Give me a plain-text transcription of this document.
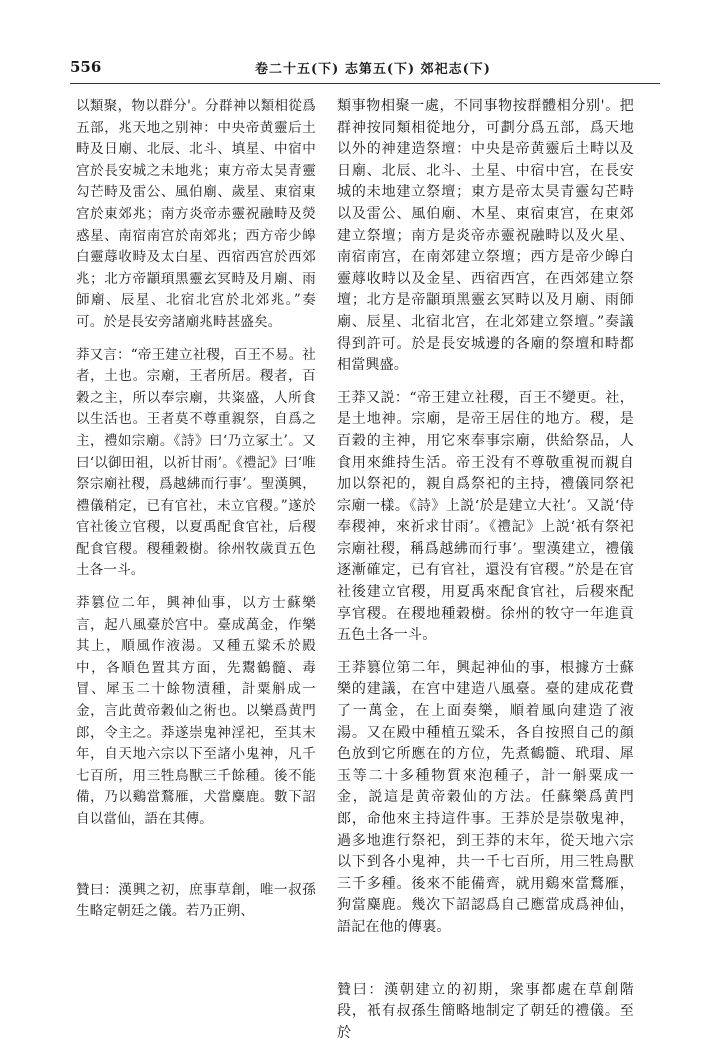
556	卷二十五(下) 志第五(下) 郊祀志(下)

以類聚，物以群分'。分群神以類相從爲五部，兆天地之别神：中央帝黄靈后土畤及日廟、北辰、北斗、填星、中宿中宫於長安城之未地兆；東方帝太昊青靈勾芒畤及雷公、風伯廟、歲星、東宿東宫於東郊兆；南方炎帝赤靈祝融畤及熒惑星、南宿南宫於南郊兆；西方帝少皞白靈蓐收畤及太白星、西宿西宫於西郊兆；北方帝顓頊黑靈玄冥畤及月廟、雨師廟、辰星、北宿北宫於北郊兆。”奏可。於是長安旁諸廟兆畤甚盛矣。

莽又言：“帝王建立社稷，百王不易。社者，土也。宗廟，王者所居。稷者，百穀之主，所以奉宗廟，共粢盛，人所食以生活也。王者莫不尊重親祭，自爲之主，禮如宗廟。《詩》曰‘乃立冢土’。又曰‘以御田祖，以祈甘雨’。《禮記》曰‘唯祭宗廟社稷，爲越紼而行事’。聖漢興，禮儀稍定，已有官社，未立官稷。”遂於官社後立官稷，以夏禹配食官社，后稷配食官稷。稷種穀樹。徐州牧歲貢五色土各一斗。

莽篡位二年，興神仙事，以方士蘇樂言，起八風臺於宫中。臺成萬金，作樂其上，順風作液湯。又種五粱禾於殿中，各順色置其方面，先鬻鶴髓、毒冒、犀玉二十餘物漬種，計粟斛成一金，言此黄帝穀仙之術也。以樂爲黄門郎，令主之。莽遂崇鬼神淫祀，至其末年，自天地六宗以下至諸小鬼神，凡千七百所，用三牲鳥獸三千餘種。後不能備，乃以鷄當鶩雁，犬當麋鹿。數下詔自以當仙，語在其傳。

贊曰：漢興之初，庶事草創，唯一叔孫生略定朝廷之儀。若乃正朔、

類事物相聚一處，不同事物按群體相分别'。把群神按同類相從地分，可劃分爲五部，爲天地以外的神建造祭壇：中央是帝黄靈后土畤以及日廟、北辰、北斗、土星、中宿中宫，在長安城的未地建立祭壇；東方是帝太昊青靈勾芒畤以及雷公、風伯廟、木星、東宿東宫，在東郊建立祭壇；南方是炎帝赤靈祝融畤以及火星、南宿南宫，在南郊建立祭壇；西方是帝少皞白靈蓐收畤以及金星、西宿西宫，在西郊建立祭壇；北方是帝顓頊黑靈玄冥畤以及月廟、雨師廟、辰星、北宿北宫，在北郊建立祭壇。”奏議得到許可。於是長安城邊的各廟的祭壇和畤都相當興盛。

王莽又説：“帝王建立社稷，百王不變更。社，是土地神。宗廟，是帝王居住的地方。稷，是百穀的主神，用它來奉事宗廟，供給祭品，人食用來維持生活。帝王没有不尊敬重視而親自加以祭祀的，親自爲祭祀的主持，禮儀同祭祀宗廟一樣。《詩》上説‘於是建立大社’。又説‘侍奉稷神，來祈求甘雨’。《禮記》上説‘祇有祭祀宗廟社稷，稱爲越紼而行事’。聖漢建立，禮儀逐漸確定，已有官社，還没有官稷。”於是在官社後建立官稷，用夏禹來配食官社，后稷來配享官稷。在稷地種穀樹。徐州的牧守一年進貢五色土各一斗。

王莽篡位第二年，興起神仙的事，根據方士蘇樂的建議，在宫中建造八風臺。臺的建成花費了一萬金，在上面奏樂，順着風向建造了液湯。又在殿中種植五粱禾，各自按照自己的顔色放到它所應在的方位，先煮鶴髓、玳瑁、犀玉等二十多種物質來泡種子，計一斛粟成一金，説這是黄帝穀仙的方法。任蘇樂爲黄門郎，命他來主持這件事。王莽於是崇敬鬼神，過多地進行祭祀，到王莽的末年，從天地六宗以下到各小鬼神，共一千七百所，用三牲鳥獸三千多種。後來不能備齊，就用鷄來當鶩雁，狗當麋鹿。幾次下詔認爲自己應當成爲神仙，語記在他的傳裏。

贊曰：漢朝建立的初期，衆事都處在草創階段，衹有叔孫生簡略地制定了朝廷的禮儀。至於
